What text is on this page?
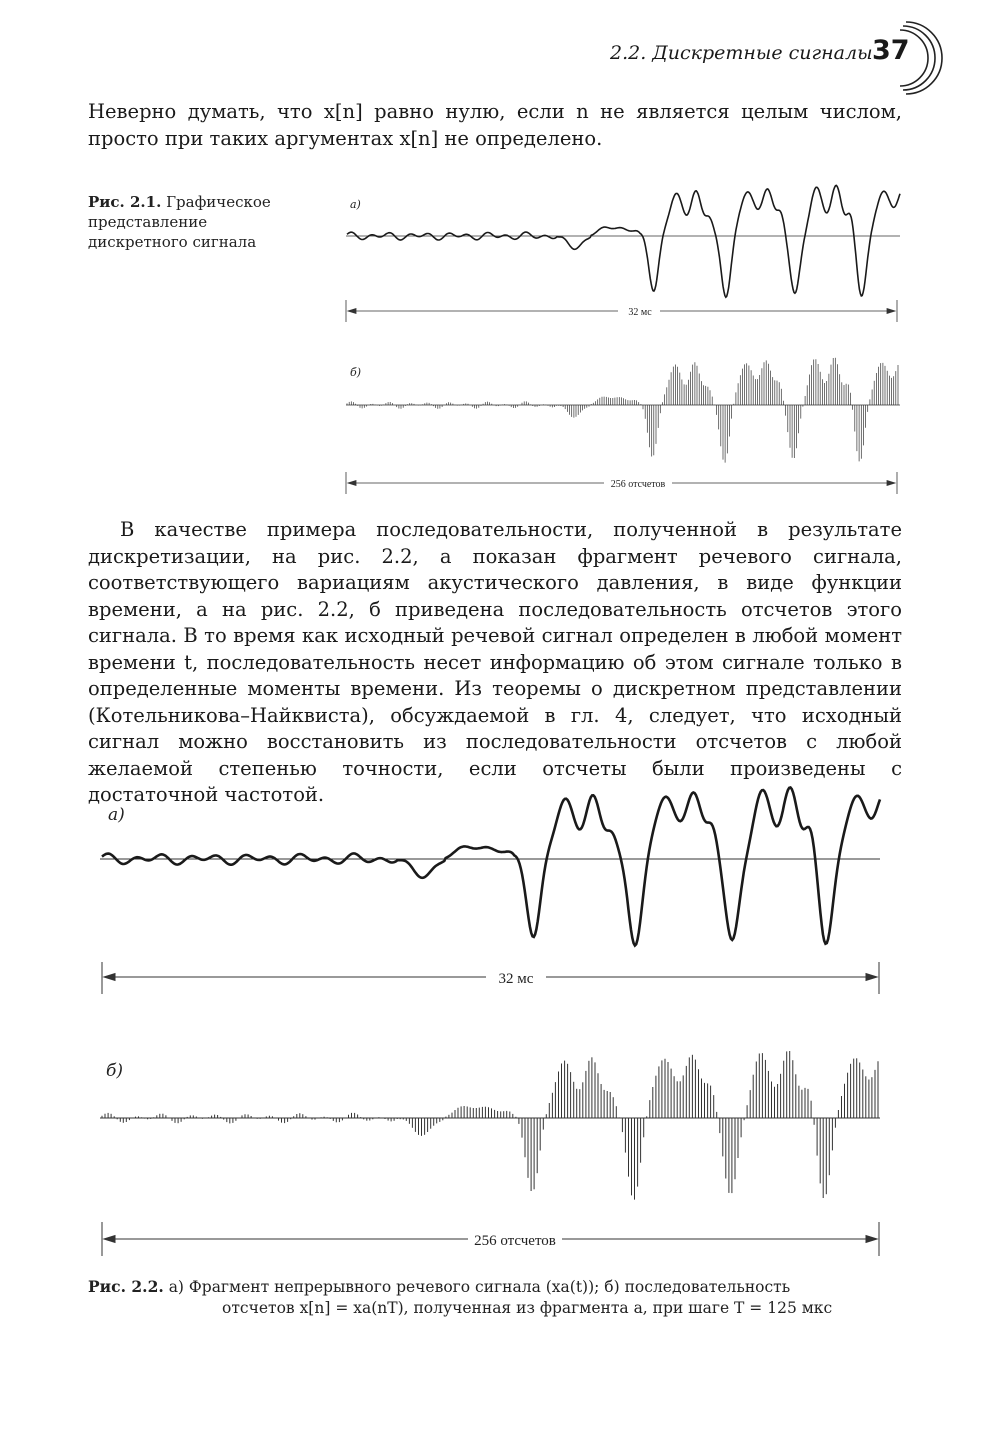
2.2. Дискретные сигналы 37

Неверно думать, что x[n] равно нулю, если n не является целым числом, просто при таких аргументах x[n] не определено.

Рис. 2.1. Графическое представление дискретного сигнала

В качестве примера последовательности, полученной в результате дискретизации, на рис. 2.2, а показан фрагмент речевого сигнала, соответствующего вариациям акустического давления, в виде функции времени, а на рис. 2.2, б приведена последовательность отсчетов этого сигнала. В то время как исходный речевой сигнал определен в любой момент времени t, последовательность несет информацию об этом сигнале только в определенные моменты времени. Из теоремы о дискретном представлении (Котельникова–Найквиста), обсуждаемой в гл. 4, следует, что исходный сигнал можно восстановить из последовательности отсчетов с любой желаемой степенью точности, если отсчеты были произведены с достаточной частотой.

Рис. 2.2. а) Фрагмент непрерывного речевого сигнала (xa(t)); б) последовательность
отсчетов x[n] = xa(nT), полученная из фрагмента а, при шаге T = 125 мкс
а)
32 мс
б)
256 отсчетов
а)
32 мс
б)
256 отсчетов
